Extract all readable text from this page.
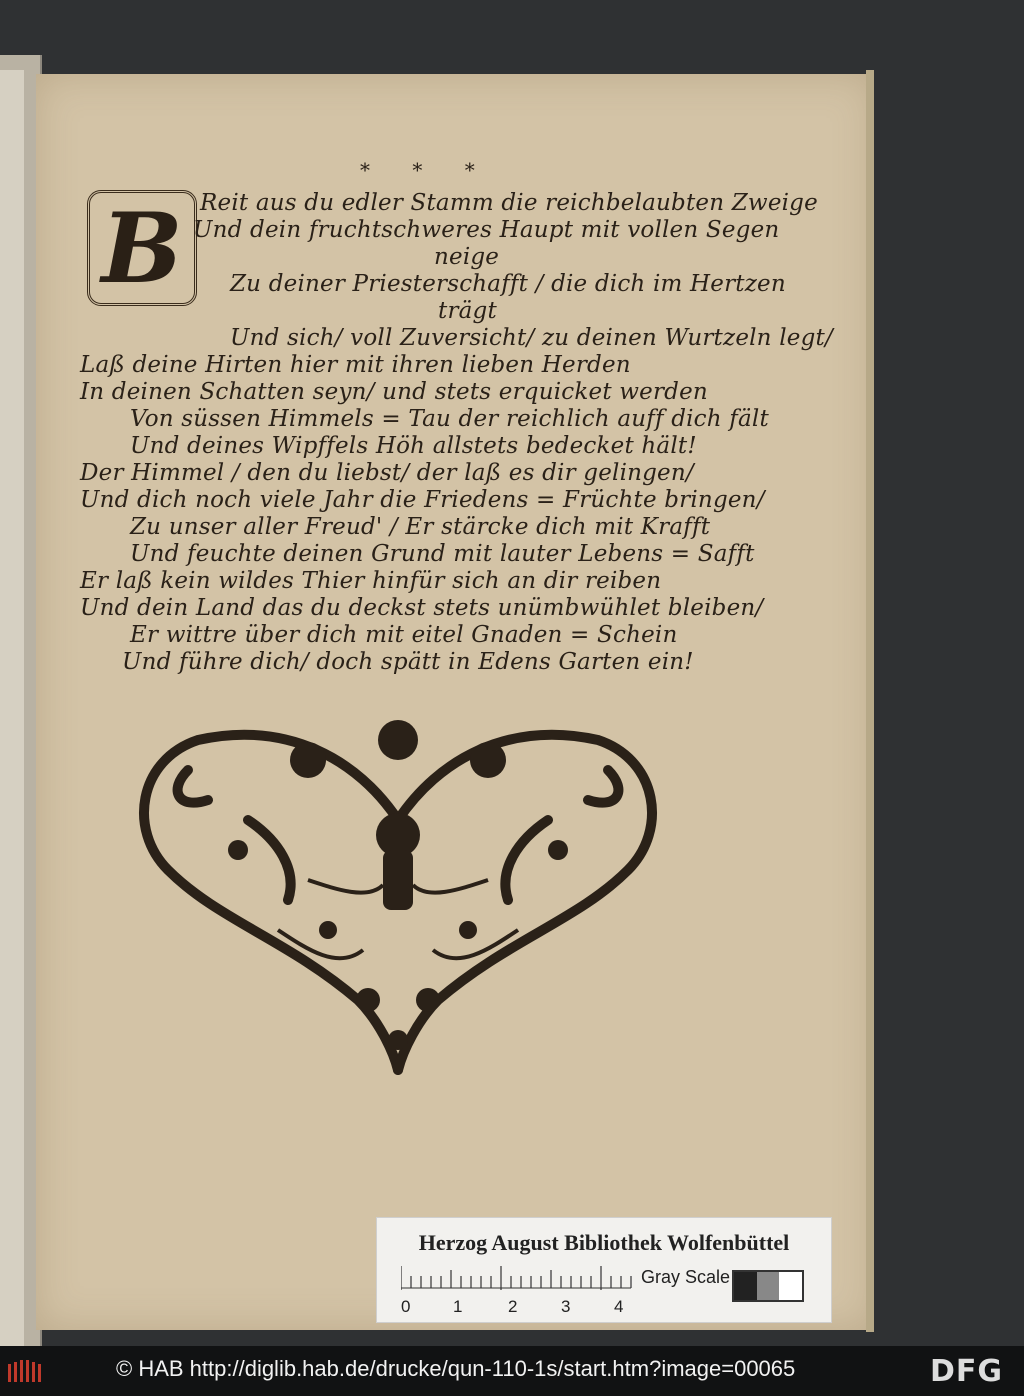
* * *
B Reit aus du edler Stamm die reichbelaubten Zweige
Und dein fruchtschweres Haupt mit vollen Segen
neige
Zu deiner Priesterschafft / die dich im Hertzen
trägt
Und sich/ voll Zuversicht/ zu deinen Wurtzeln legt/
Laß deine Hirten hier mit ihren lieben Herden
In deinen Schatten seyn/ und stets erquicket werden
Von süssen Himmels = Tau der reichlich auff dich fält
Und deines Wipffels Höh allstets bedecket hält!
Der Himmel / den du liebst/ der laß es dir gelingen/
Und dich noch viele Jahr die Friedens = Früchte bringen/
Zu unser aller Freud' / Er stärcke dich mit Krafft
Und feuchte deinen Grund mit lauter Lebens = Safft
Er laß kein wildes Thier hinfür sich an dir reiben
Und dein Land das du deckst stets unümbwühlet bleiben/
Er wittre über dich mit eitel Gnaden = Schein
Und führe dich/ doch spätt in Edens Garten ein!
Herzog August Bibliothek Wolfenbüttel
0	1	2	3	4
Gray Scale
© HAB http://diglib.hab.de/drucke/qun-110-1s/start.htm?image=00065	DFG
